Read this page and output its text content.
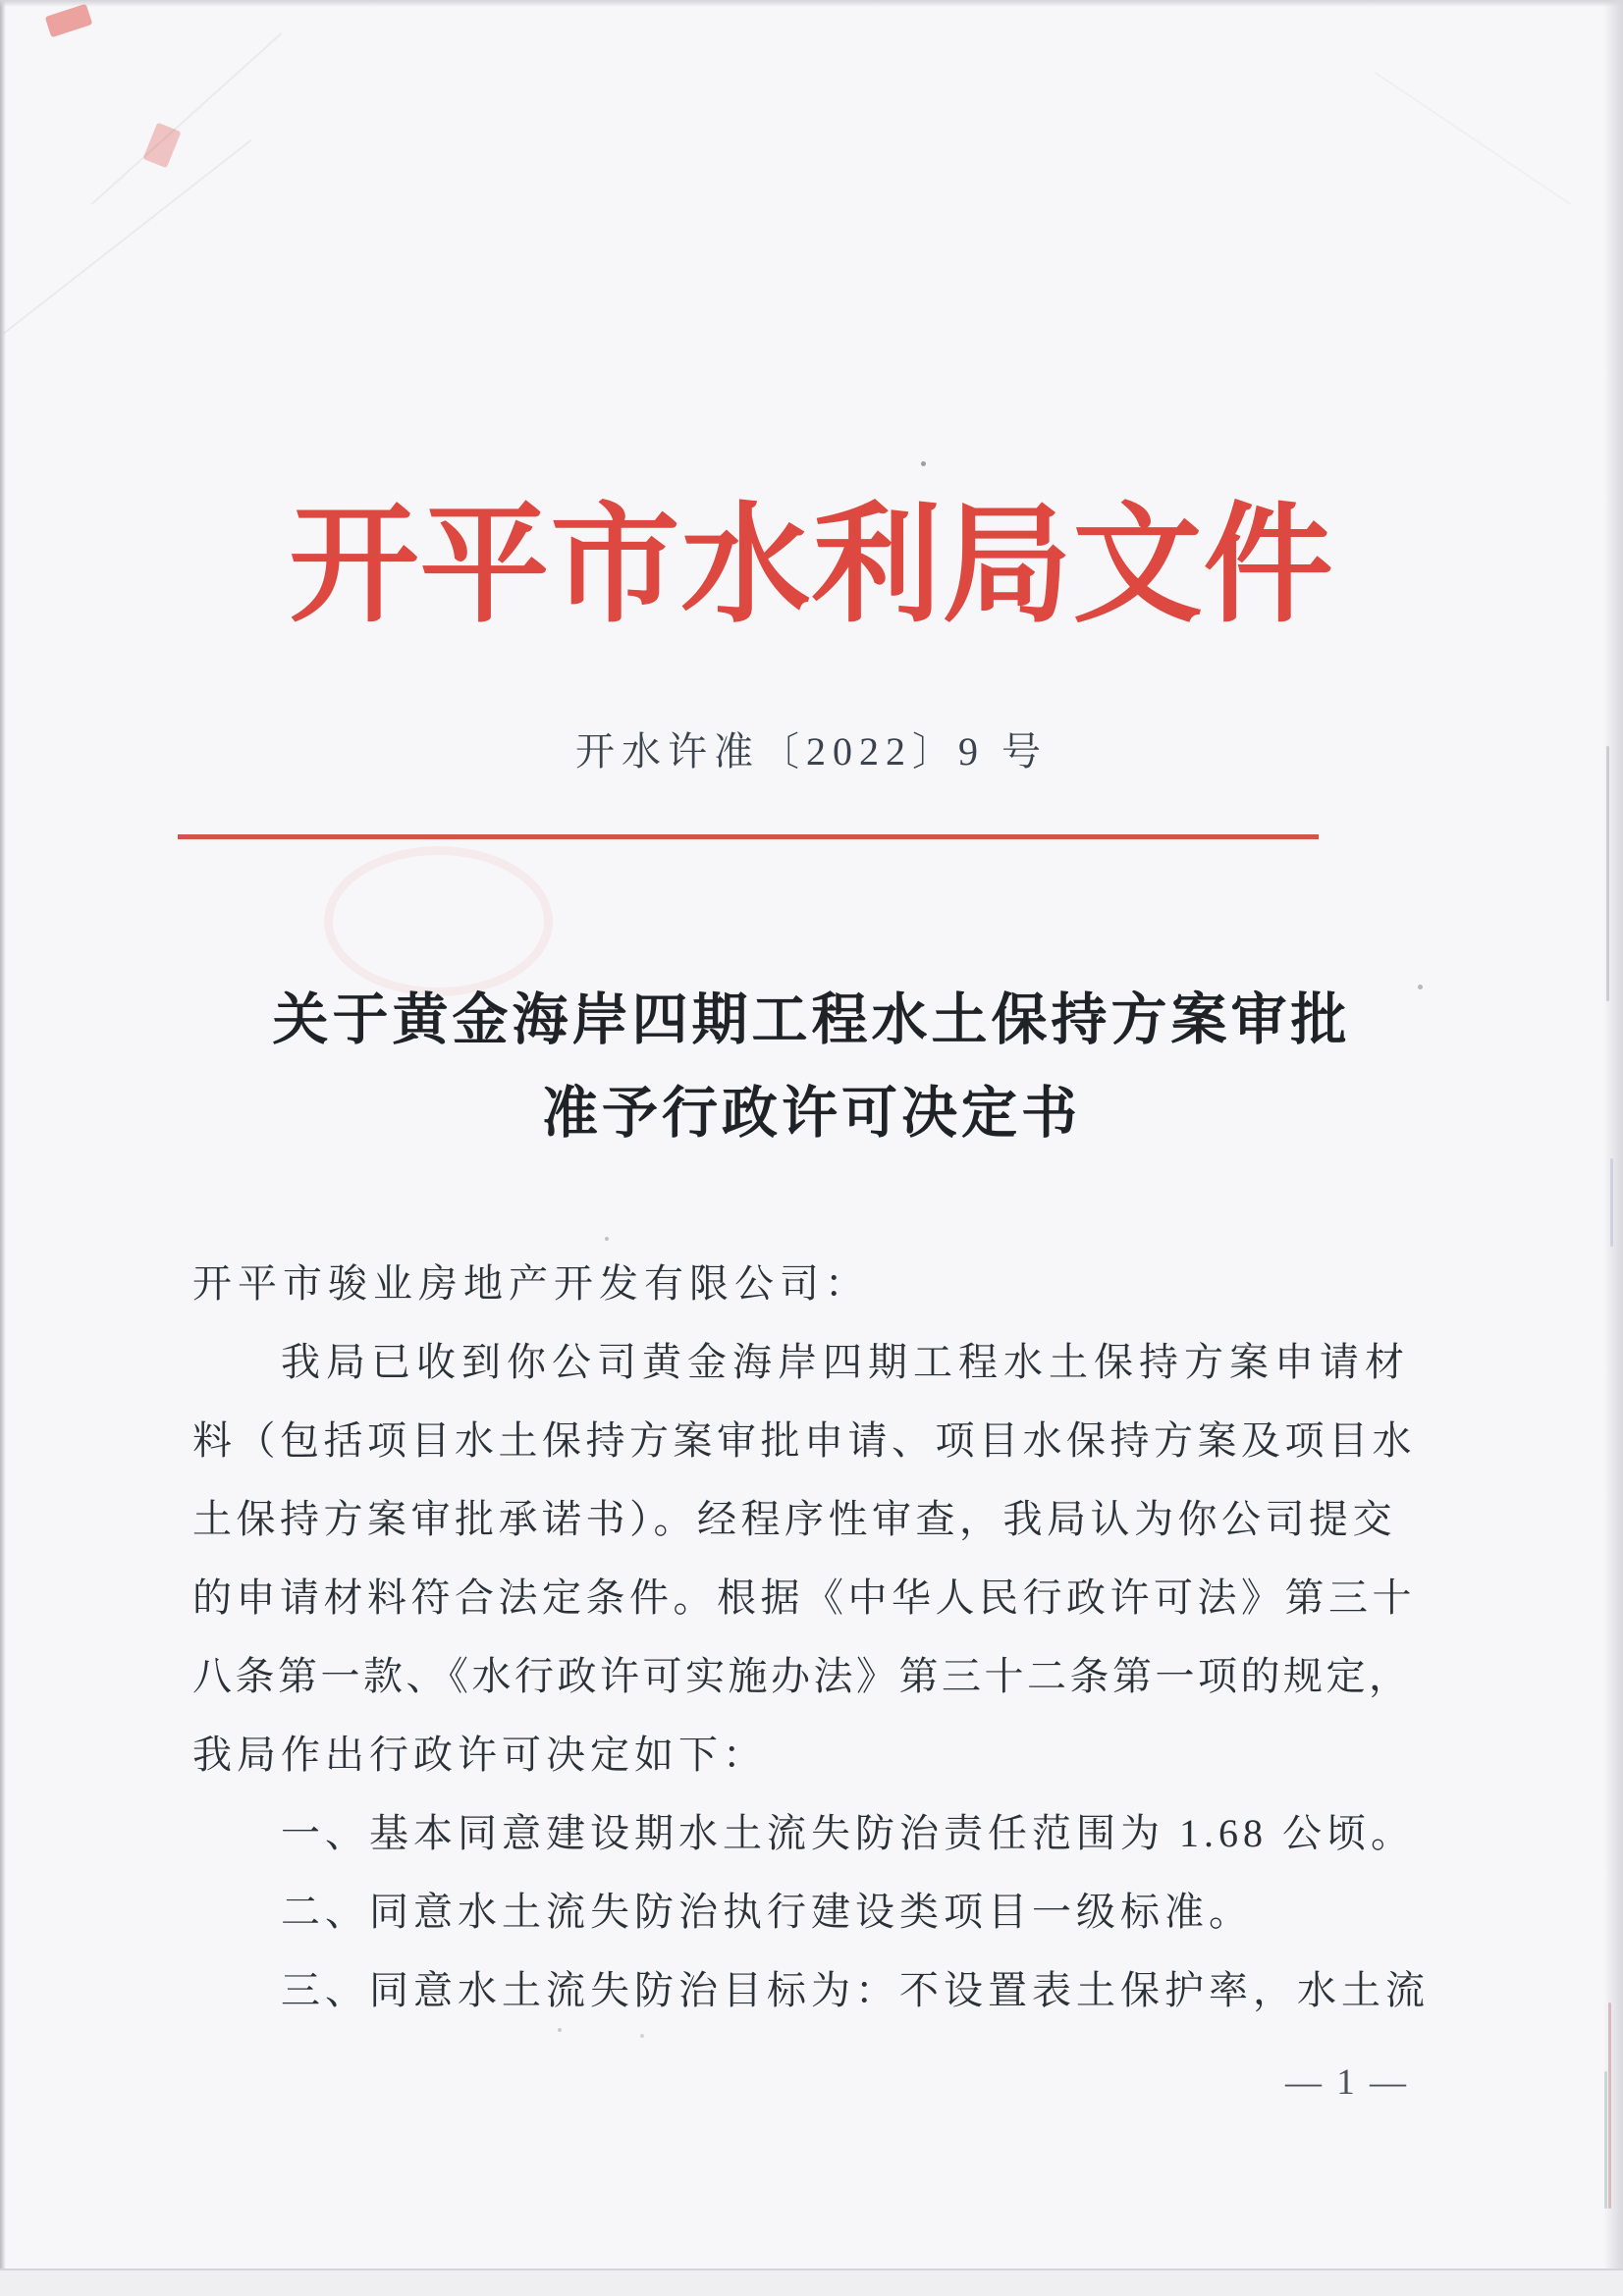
开平市水利局文件
开水许准〔2022〕9 号
关于黄金海岸四期工程水土保持方案审批
准予行政许可决定书
开平市骏业房地产开发有限公司：
我局已收到你公司黄金海岸四期工程水土保持方案申请材
料（包括项目水土保持方案审批申请、项目水保持方案及项目水
土保持方案审批承诺书）。经程序性审查，我局认为你公司提交
的申请材料符合法定条件。根据《中华人民行政许可法》第三十
八条第一款、《水行政许可实施办法》第三十二条第一项的规定，
我局作出行政许可决定如下：
一、基本同意建设期水土流失防治责任范围为 1.68 公顷。
二、同意水土流失防治执行建设类项目一级标准。
三、同意水土流失防治目标为：不设置表土保护率，水土流
— 1 —
